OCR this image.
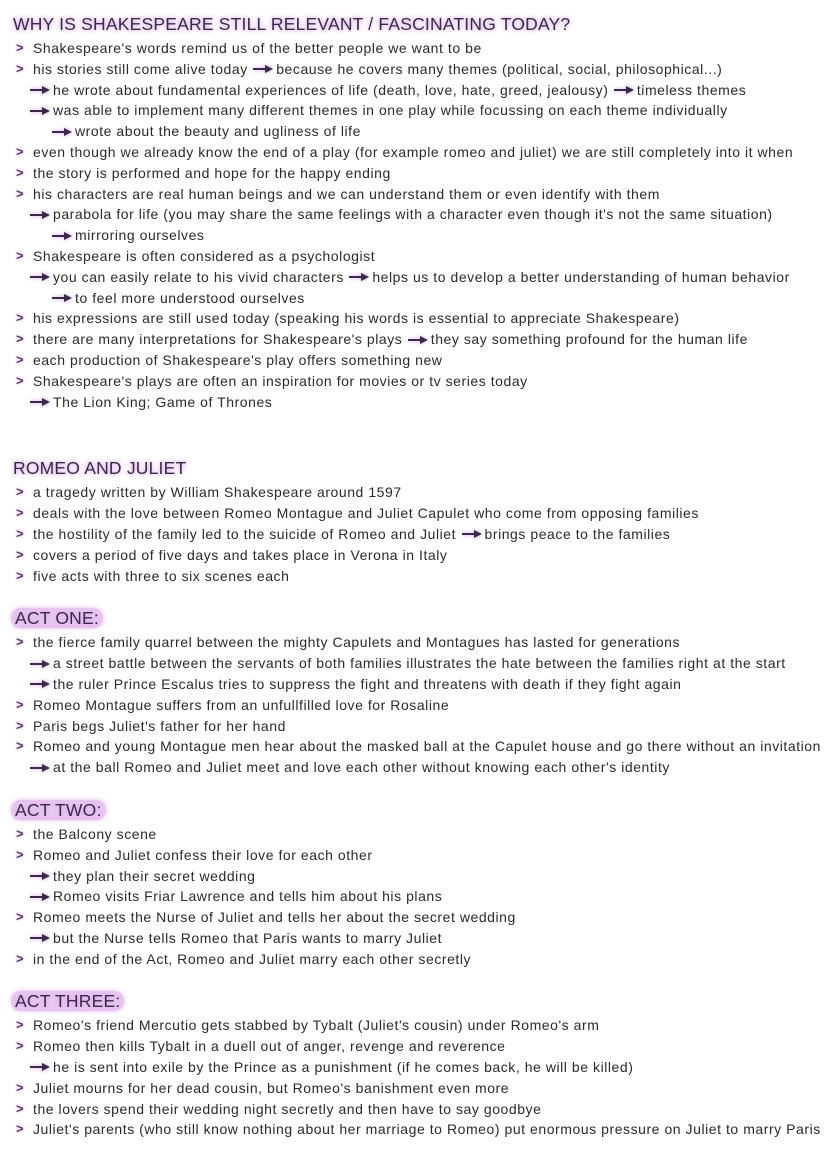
WHY IS SHAKESPEARE STILL RELEVANT / FASCINATING TODAY?
> Shakespeare's words remind us of the better people we want to be
> his stories still come alive today because he covers many themes (political, social, philosophical...)
he wrote about fundamental experiences of life (death, love, hate, greed, jealousy) timeless themes
was able to implement many different themes in one play while focussing on each theme individually
wrote about the beauty and ugliness of life
> even though we already know the end of a play (for example romeo and juliet) we are still completely into it when
> the story is performed and hope for the happy ending
> his characters are real human beings and we can understand them or even identify with them
parabola for life (you may share the same feelings with a character even though it's not the same situation)
mirroring ourselves
> Shakespeare is often considered as a psychologist
you can easily relate to his vivid characters helps us to develop a better understanding of human behavior
to feel more understood ourselves
> his expressions are still used today (speaking his words is essential to appreciate Shakespeare)
> there are many interpretations for Shakespeare's plays they say something profound for the human life
> each production of Shakespeare's play offers something new
> Shakespeare's plays are often an inspiration for movies or tv series today
The Lion King; Game of Thrones
ROMEO AND JULIET
> a tragedy written by William Shakespeare around 1597
> deals with the love between Romeo Montague and Juliet Capulet who come from opposing families
> the hostility of the family led to the suicide of Romeo and Juliet brings peace to the families
> covers a period of five days and takes place in Verona in Italy
> five acts with three to six scenes each
ACT ONE:
> the fierce family quarrel between the mighty Capulets and Montagues has lasted for generations
a street battle between the servants of both families illustrates the hate between the families right at the start
the ruler Prince Escalus tries to suppress the fight and threatens with death if they fight again
> Romeo Montague suffers from an unfullfilled love for Rosaline
> Paris begs Juliet's father for her hand
> Romeo and young Montague men hear about the masked ball at the Capulet house and go there without an invitation
at the ball Romeo and Juliet meet and love each other without knowing each other's identity
ACT TWO:
> the Balcony scene
> Romeo and Juliet confess their love for each other
they plan their secret wedding
Romeo visits Friar Lawrence and tells him about his plans
> Romeo meets the Nurse of Juliet and tells her about the secret wedding
but the Nurse tells Romeo that Paris wants to marry Juliet
> in the end of the Act, Romeo and Juliet marry each other secretly
ACT THREE:
> Romeo's friend Mercutio gets stabbed by Tybalt (Juliet's cousin) under Romeo's arm
> Romeo then kills Tybalt in a duell out of anger, revenge and reverence
he is sent into exile by the Prince as a punishment (if he comes back, he will be killed)
> Juliet mourns for her dead cousin, but Romeo's banishment even more
> the lovers spend their wedding night secretly and then have to say goodbye
> Juliet's parents (who still know nothing about her marriage to Romeo) put enormous pressure on Juliet to marry Paris
